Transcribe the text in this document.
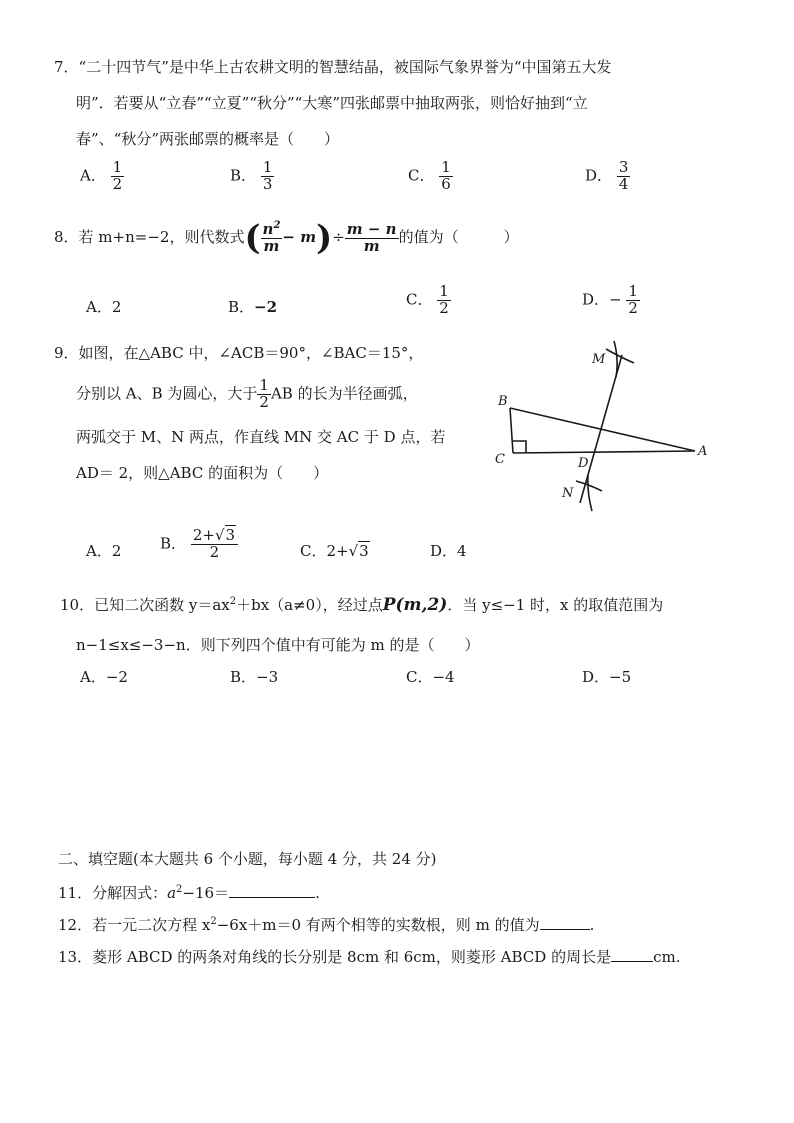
7．“二十四节气”是中华上古农耕文明的智慧结晶，被国际气象界誉为“中国第五大发
明”．若要从“立春”“立夏”“秋分”“大寒”四张邮票中抽取两张，则恰好抽到“立
春”、“秋分”两张邮票的概率是（　　）
A． $\frac{1}{2}$	B． $\frac{1}{3}$	C． $\frac{1}{6}$	D． $\frac{3}{4}$
8．若 m+n=−2，则代数式( $\frac{n^2}{m} - m)\div \frac{m - n}{m}$ 的值为（　　　）
A．2	B．−2	C． $\frac{1}{2}$	D．− $\frac{1}{2}$
9．如图，在△ABC 中，∠ACB＝90°，∠BAC＝15°，
分别以 A、B 为圆心，大于 $\frac{1}{2}$ AB 的长为半径画弧，
两弧交于 M、N 两点，作直线 MN 交 AC 于 D 点，若
AD＝ 2，则△ABC 的面积为（　　）
A．2	B． $\frac{2+√3}{2}$	C．2+√3	D．4
M
B
C	D
A
N
10．已知二次函数 $y=ax^2+bx(a\ne 0)$，经过点P(m,2)．当 y≤−1 时，x 的取值范围为
n−1≤x≤−3−n．则下列四个值中有可能为 m 的是（　　）
A．−2	B．−3	C．−4	D．−5
二、填空题(本大题共 6 个小题，每小题 4 分，共 24 分)
11．分解因式：$a^2-16=$	.
12．若一元二次方程 $x^2-6x+m=0$ 有两个相等的实数根，则 m 的值为	.
13．菱形 ABCD 的两条对角线的长分别是 8cm 和 6cm，则菱形 ABCD 的周长是	cm.
